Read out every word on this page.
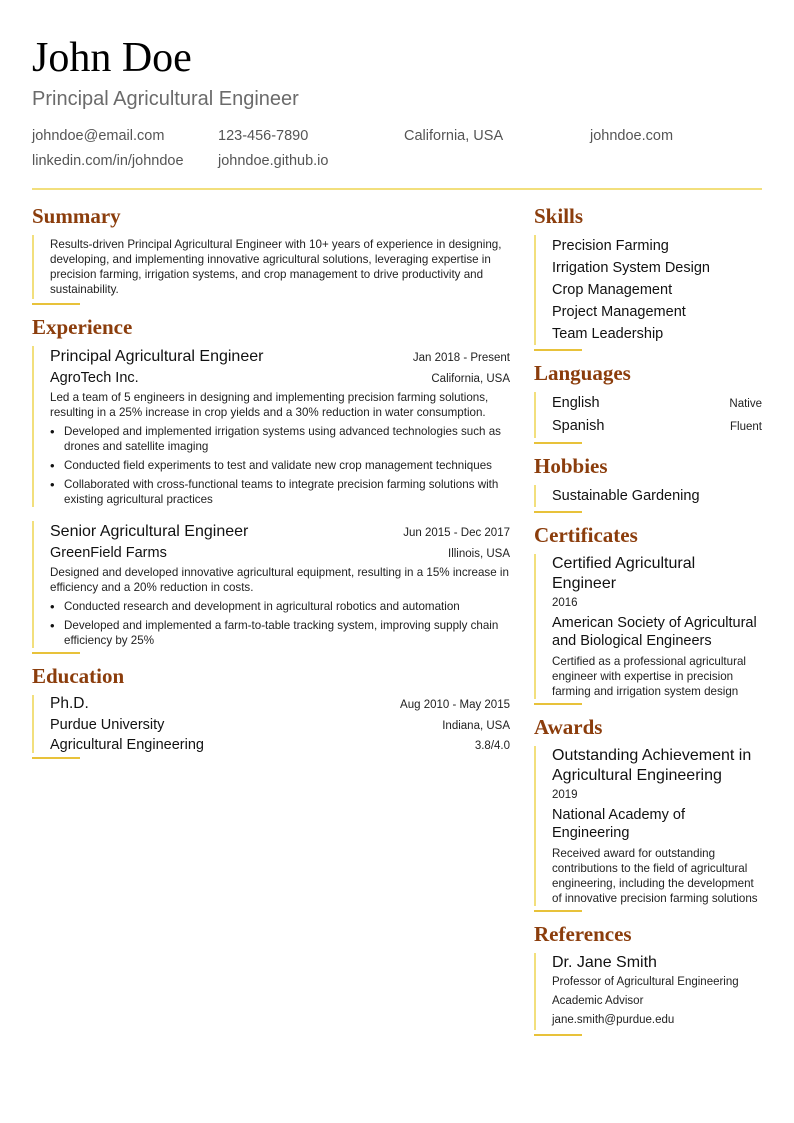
John Doe
Principal Agricultural Engineer
johndoe@email.com	123-456-7890	California, USA	johndoe.com
linkedin.com/in/johndoe	johndoe.github.io
Summary

Results-driven Principal Agricultural Engineer with 10+ years of experience in designing, developing, and implementing innovative agricultural solutions, leveraging expertise in precision farming, irrigation systems, and crop management to drive productivity and sustainability.

Experience
Principal Agricultural Engineer	Jan 2018 - Present
AgroTech Inc.	California, USA

Led a team of 5 engineers in designing and implementing precision farming solutions, resulting in a 25% increase in crop yields and a 30% reduction in water consumption.

• Developed and implemented irrigation systems using advanced technologies such as drones and satellite imaging
• Conducted field experiments to test and validate new crop management techniques
• Collaborated with cross-functional teams to integrate precision farming solutions with existing agricultural practices
Senior Agricultural Engineer	Jun 2015 - Dec 2017
GreenField Farms	Illinois, USA

Designed and developed innovative agricultural equipment, resulting in a 15% increase in efficiency and a 20% reduction in costs.

• Conducted research and development in agricultural robotics and automation
• Developed and implemented a farm-to-table tracking system, improving supply chain efficiency by 25%
Education
Ph.D.	Aug 2010 - May 2015
Purdue University	Indiana, USA
Agricultural Engineering	3.8/4.0
Skills
Precision Farming
Irrigation System Design
Crop Management
Project Management
Team Leadership
Languages
English	Native
Spanish	Fluent
Hobbies
Sustainable Gardening
Certificates
Certified Agricultural Engineer
2016
American Society of Agricultural and Biological Engineers

Certified as a professional agricultural engineer with expertise in precision farming and irrigation system design

Awards
Outstanding Achievement in Agricultural Engineering
2019
National Academy of Engineering

Received award for outstanding contributions to the field of agricultural engineering, including the development of innovative precision farming solutions

References
Dr. Jane Smith
Professor of Agricultural Engineering
Academic Advisor
jane.smith@purdue.edu
